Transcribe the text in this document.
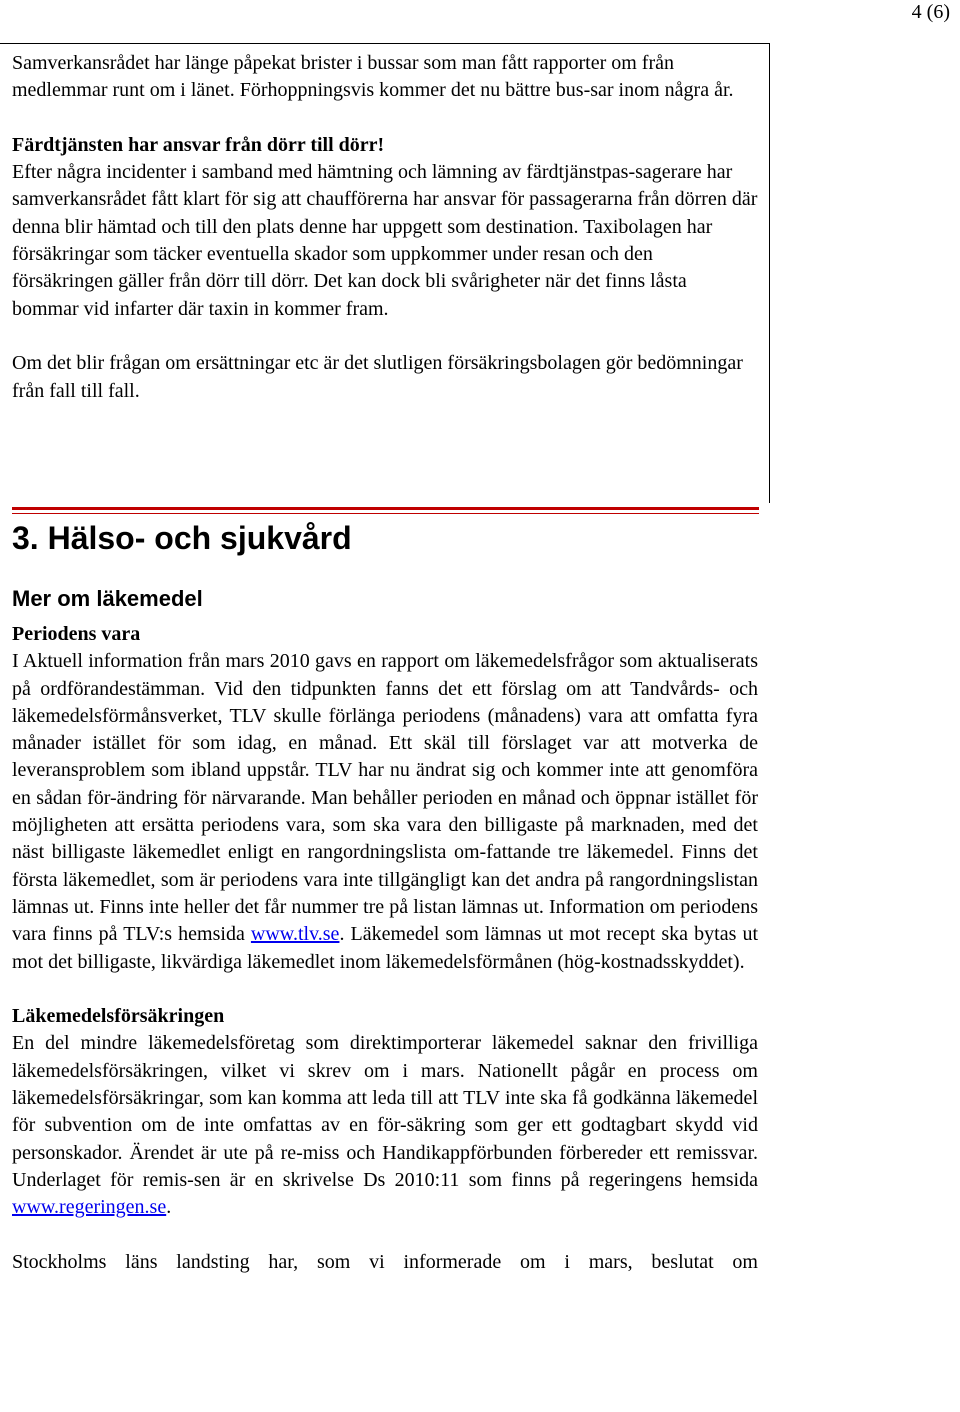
4 (6)

Samverkansrådet har länge påpekat brister i bussar som man fått rapporter om från medlemmar runt om i länet. Förhoppningsvis kommer det nu bättre bus-sar inom några år.

Färdtjänsten har ansvar från dörr till dörr!

Efter några incidenter i samband med hämtning och lämning av färdtjänstpas-sagerare har samverkansrådet fått klart för sig att chaufförerna har ansvar för passagerarna från dörren där denna blir hämtad och till den plats denne har uppgett som destination. Taxibolagen har försäkringar som täcker eventuella skador som uppkommer under resan och den försäkringen gäller från dörr till dörr. Det kan dock bli svårigheter när det finns låsta bommar vid infarter där taxin in kommer fram.

Om det blir frågan om ersättningar etc är det slutligen försäkringsbolagen gör bedömningar från fall till fall.

3. Hälso- och sjukvård
Mer om läkemedel

Periodens vara

I Aktuell information från mars 2010 gavs en rapport om läkemedelsfrågor som aktualiserats på ordförandestämman. Vid den tidpunkten fanns det ett förslag om att Tandvårds- och läkemedelsförmånsverket, TLV skulle förlänga periodens (månadens) vara att omfatta fyra månader istället för som idag, en månad. Ett skäl till förslaget var att motverka de leveransproblem som ibland uppstår. TLV har nu ändrat sig och kommer inte att genomföra en sådan för-ändring för närvarande. Man behåller perioden en månad och öppnar istället för möjligheten att ersätta periodens vara, som ska vara den billigaste på marknaden, med det näst billigaste läkemedlet enligt en rangordningslista om-fattande tre läkemedel. Finns det första läkemedlet, som är periodens vara inte tillgängligt kan det andra på rangordningslistan lämnas ut. Finns inte heller det får nummer tre på listan lämnas ut. Information om periodens vara finns på TLV:s hemsida www.tlv.se. Läkemedel som lämnas ut mot recept ska bytas ut mot det billigaste, likvärdiga läkemedlet inom läkemedelsförmånen (hög-kostnadsskyddet).

Läkemedelsförsäkringen

En del mindre läkemedelsföretag som direktimporterar läkemedel saknar den frivilliga läkemedelsförsäkringen, vilket vi skrev om i mars. Nationellt pågår en process om läkemedelsförsäkringar, som kan komma att leda till att TLV inte ska få godkänna läkemedel för subvention om de inte omfattas av en för-säkring som ger ett godtagbart skydd vid personskador. Ärendet är ute på re-miss och Handikappförbunden förbereder ett remissvar. Underlaget för remis-sen är en skrivelse Ds 2010:11 som finns på regeringens hemsida www.regeringen.se.

Stockholms läns landsting har, som vi informerade om i mars, beslutat om
